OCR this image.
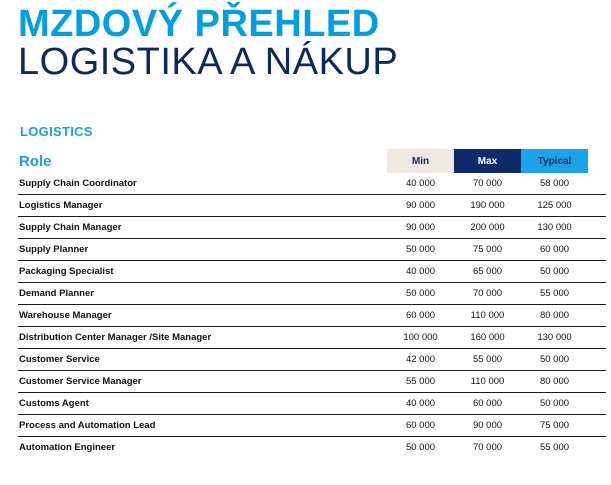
MZDOVÝ PŘEHLED
LOGISTIKA A NÁKUP
LOGISTICS
Role	Min	Max	Typical
Supply Chain Coordinator	40 000	70 000	58 000
Logistics Manager	90 000	190 000	125 000
Supply Chain Manager	90 000	200 000	130 000
Supply Planner	50 000	75 000	60 000
Packaging Specialist	40 000	65 000	50 000
Demand Planner	50 000	70 000	55 000
Warehouse Manager	60 000	110 000	80 000
Distribution Center Manager /Site Manager	100 000	160 000	130 000
Customer Service	42 000	55 000	50 000
Customer Service Manager	55 000	110 000	80 000
Customs Agent	40 000	60 000	50 000
Process and Automation Lead	60 000	90 000	75 000
Automation Engineer	50 000	70 000	55 000
